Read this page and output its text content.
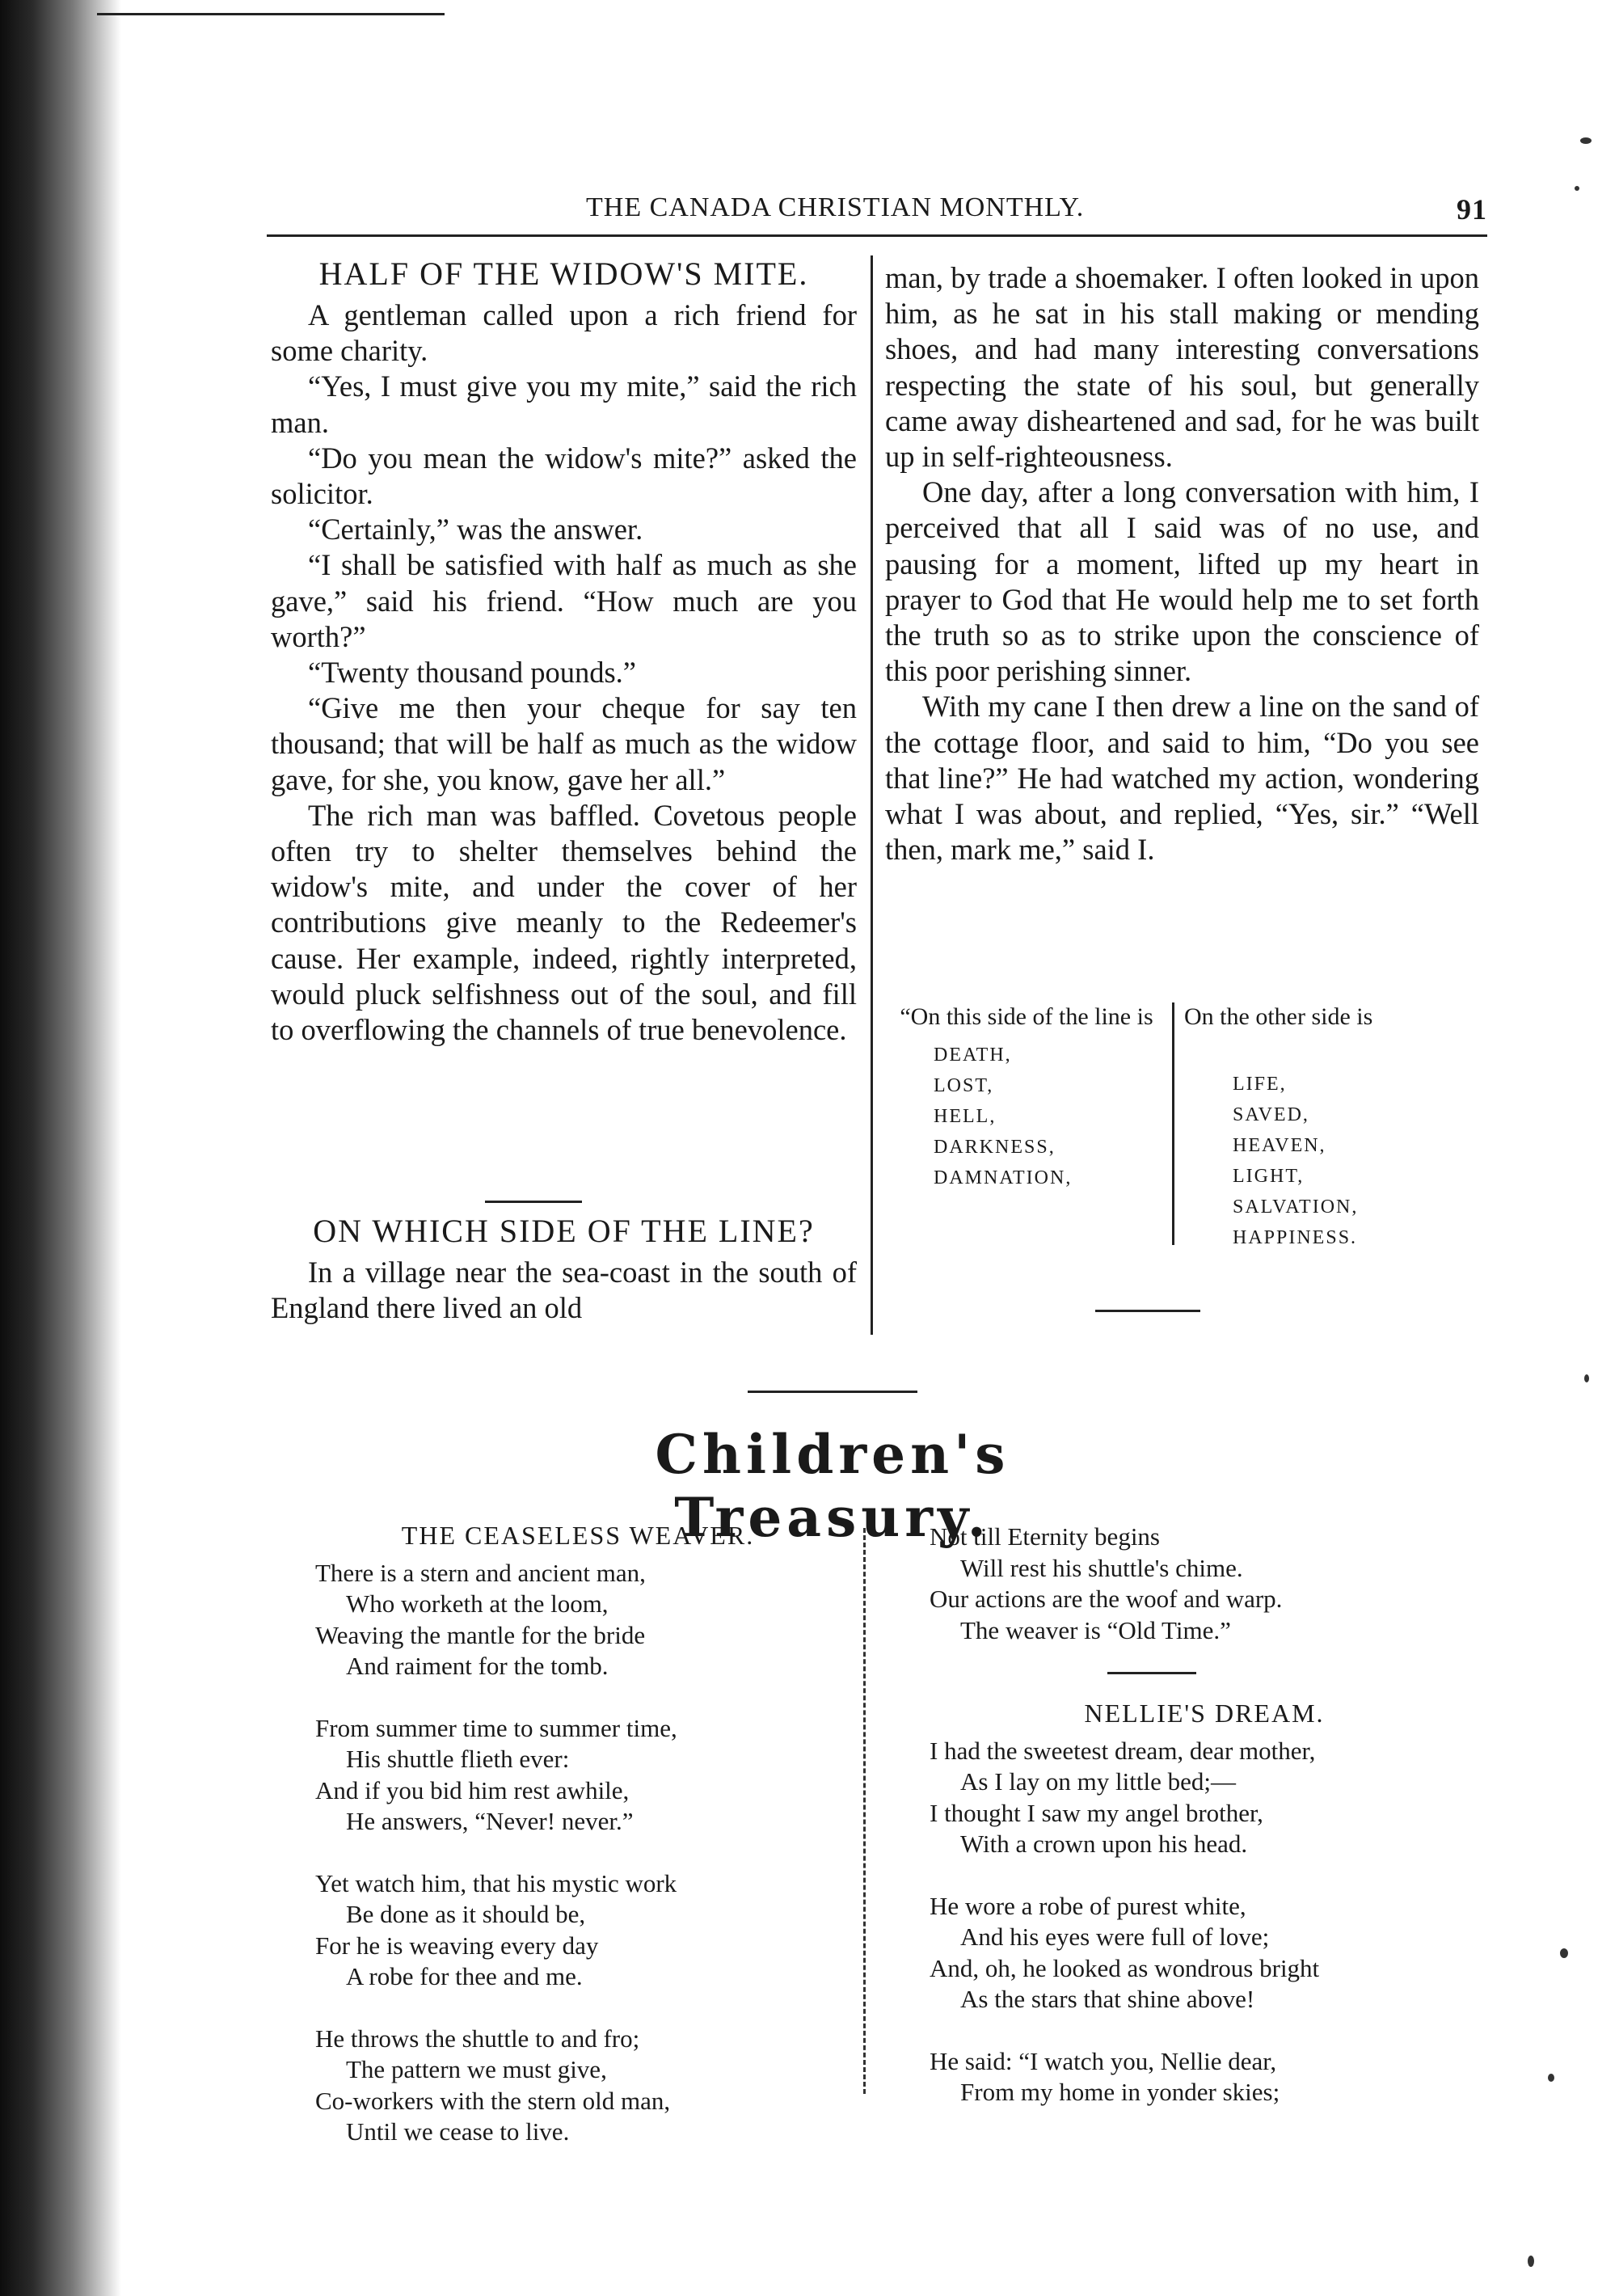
THE CANADA CHRISTIAN MONTHLY.	91
HALF OF THE WIDOW'S MITE.

A gentleman called upon a rich friend for some charity.

“Yes, I must give you my mite,” said the rich man.

“Do you mean the widow's mite?” asked the solicitor.

“Certainly,” was the answer.

“I shall be satisfied with half as much as she gave,” said his friend. “How much are you worth?”

“Twenty thousand pounds.”

“Give me then your cheque for say ten thousand; that will be half as much as the widow gave, for she, you know, gave her all.”

The rich man was baffled. Covetous people often try to shelter themselves behind the widow's mite, and under the cover of her contributions give meanly to the Redeemer's cause. Her example, indeed, rightly interpreted, would pluck selfishness out of the soul, and fill to overflowing the channels of true benevolence.

ON WHICH SIDE OF THE LINE?

In a village near the sea-coast in the south of England there lived an old

man, by trade a shoemaker. I often looked in upon him, as he sat in his stall making or mending shoes, and had many interesting conversations respecting the state of his soul, but generally came away disheartened and sad, for he was built up in self-righteousness.

One day, after a long conversation with him, I perceived that all I said was of no use, and pausing for a moment, lifted up my heart in prayer to God that He would help me to set forth the truth so as to strike upon the conscience of this poor perishing sinner.

With my cane I then drew a line on the sand of the cottage floor, and said to him, “Do you see that line?” He had watched my action, wondering what I was about, and replied, “Yes, sir.” “Well then, mark me,” said I.

“On this side of the line is
DEATH,
LOST,
HELL,
DARKNESS,
DAMNATION,
On the other side is
LIFE,
SAVED,
HEAVEN,
LIGHT,
SALVATION,
HAPPINESS.
Children's Treasury.
THE CEASELESS WEAVER.
There is a stern and ancient man,
Who worketh at the loom,
Weaving the mantle for the bride
And raiment for the tomb.
From summer time to summer time,
His shuttle flieth ever:
And if you bid him rest awhile,
He answers, “Never! never.”
Yet watch him, that his mystic work
Be done as it should be,
For he is weaving every day
A robe for thee and me.
He throws the shuttle to and fro;
The pattern we must give,
Co-workers with the stern old man,
Until we cease to live.
Not till Eternity begins
Will rest his shuttle's chime.
Our actions are the woof and warp.
The weaver is “Old Time.”
NELLIE'S DREAM.
I had the sweetest dream, dear mother,
As I lay on my little bed;—
I thought I saw my angel brother,
With a crown upon his head.
He wore a robe of purest white,
And his eyes were full of love;
And, oh, he looked as wondrous bright
As the stars that shine above!
He said: “I watch you, Nellie dear,
From my home in yonder skies;
